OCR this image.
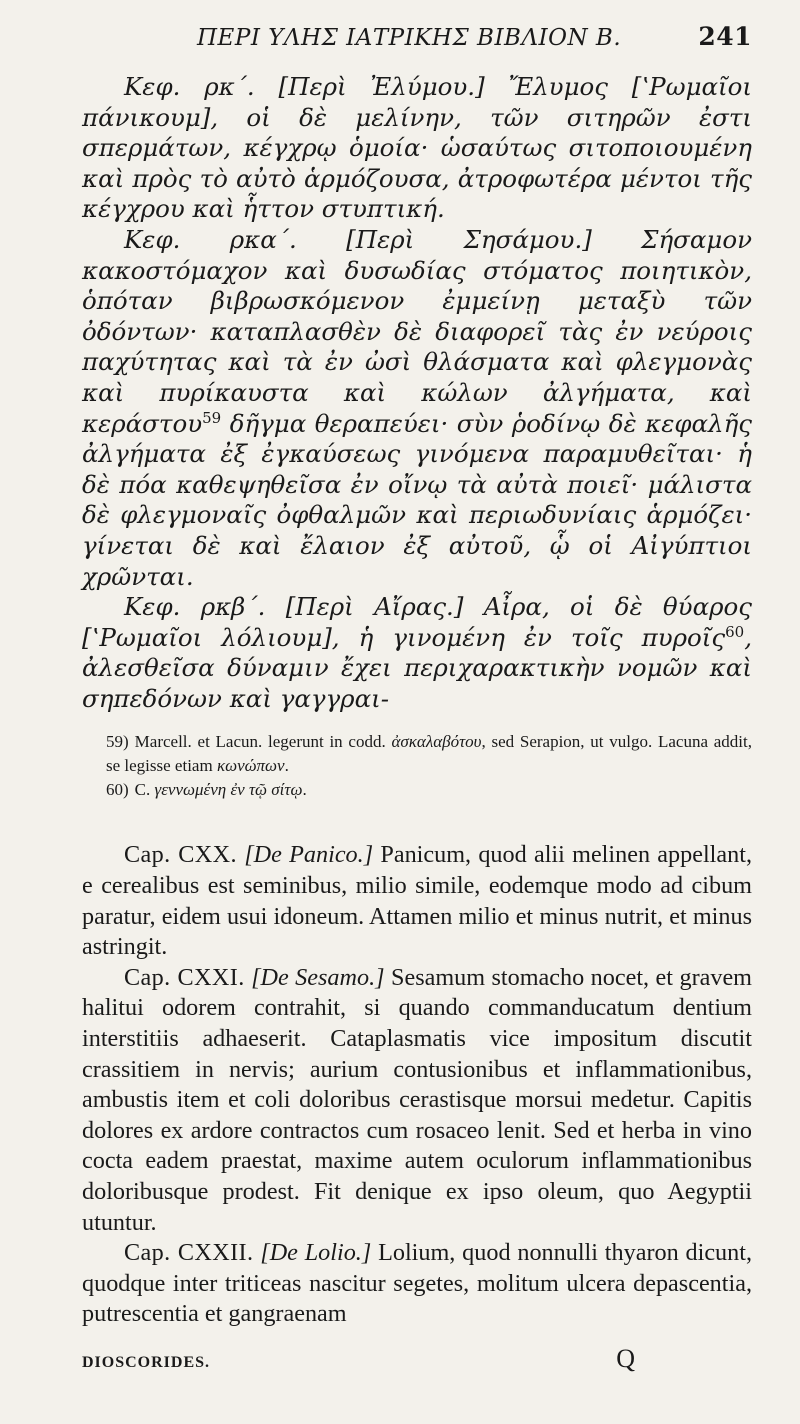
ΠΕΡΙ ΥΛΗΣ ΙΑΤΡΙΚΗΣ ΒΙΒΛΙΟΝ Β.	241

Κεφ. ρκ΄. [Περὶ Ἐλύμου.] Ἔλυμος [ʽΡωμαῖοι πάνικουμ], οἱ δὲ μελίνην, τῶν σιτηρῶν ἐστι σπερμάτων, κέγχρῳ ὁμοία· ὡσαύτως σιτοποιουμένη καὶ πρὸς τὸ αὐτὸ ἁρμόζουσα, ἀτροφωτέρα μέντοι τῆς κέγχρου καὶ ἧττον στυπτική.

Κεφ. ρκα΄. [Περὶ Σησάμου.] Σήσαμον κακοστόμαχον καὶ δυσωδίας στόματος ποιητικὸν, ὁπόταν βιβρωσκόμενον ἐμμείνῃ μεταξὺ τῶν ὀδόντων· καταπλασθὲν δὲ διαφορεῖ τὰς ἐν νεύροις παχύτητας καὶ τὰ ἐν ὠσὶ θλάσματα καὶ φλεγμονὰς καὶ πυρίκαυστα καὶ κώλων ἀλγήματα, καὶ κεράστου$^{59}$ δῆγμα θεραπεύει· σὺν ῥοδίνῳ δὲ κεφαλῆς ἀλγήματα ἐξ ἐγκαύσεως γινόμενα παραμυθεῖται· ἡ δὲ πόα καθεψηθεῖσα ἐν οἴνῳ τὰ αὐτὰ ποιεῖ· μάλιστα δὲ φλεγμοναῖς ὀφθαλμῶν καὶ περιωδυνίαις ἁρμόζει· γίνεται δὲ καὶ ἔλαιον ἐξ αὐτοῦ, ᾧ οἱ Αἰγύπτιοι χρῶνται.

Κεφ. ρκβ΄. [Περὶ Αἴρας.] Αἶρα, οἱ δὲ θύαρος [ʽΡωμαῖοι λόλιουμ], ἡ γινομένη ἐν τοῖς πυροῖς$^{60}$, ἀλεσθεῖσα δύναμιν ἔχει περιχαρακτικὴν νομῶν καὶ σηπεδόνων καὶ γαγγραι-

59) Marcell. et Lacun. legerunt in codd. ἀσκαλαβότου, sed Serapion, ut vulgo. Lacuna addit, se legisse etiam κωνώπων.

60) C. γεννωμένη ἐν τῷ σίτῳ.

Cap. CXX. [De Panico.] Panicum, quod alii melinen appellant, e cerealibus est seminibus, milio simile, eodemque modo ad cibum paratur, eidem usui idoneum. Attamen milio et minus nutrit, et minus astringit.

Cap. CXXI. [De Sesamo.] Sesamum stomacho nocet, et gravem halitui odorem contrahit, si quando commanducatum dentium interstitiis adhaeserit. Cataplasmatis vice impositum discutit crassitiem in nervis; aurium contusionibus et inflammationibus, ambustis item et coli doloribus cerastisque morsui medetur. Capitis dolores ex ardore contractos cum rosaceo lenit. Sed et herba in vino cocta eadem praestat, maxime autem oculorum inflammationibus doloribusque prodest. Fit denique ex ipso oleum, quo Aegyptii utuntur.

Cap. CXXII. [De Lolio.] Lolium, quod nonnulli thyaron dicunt, quodque inter triticeas nascitur segetes, molitum ulcera depascentia, putrescentia et gangraenam

DIOSCORIDES.	Q
